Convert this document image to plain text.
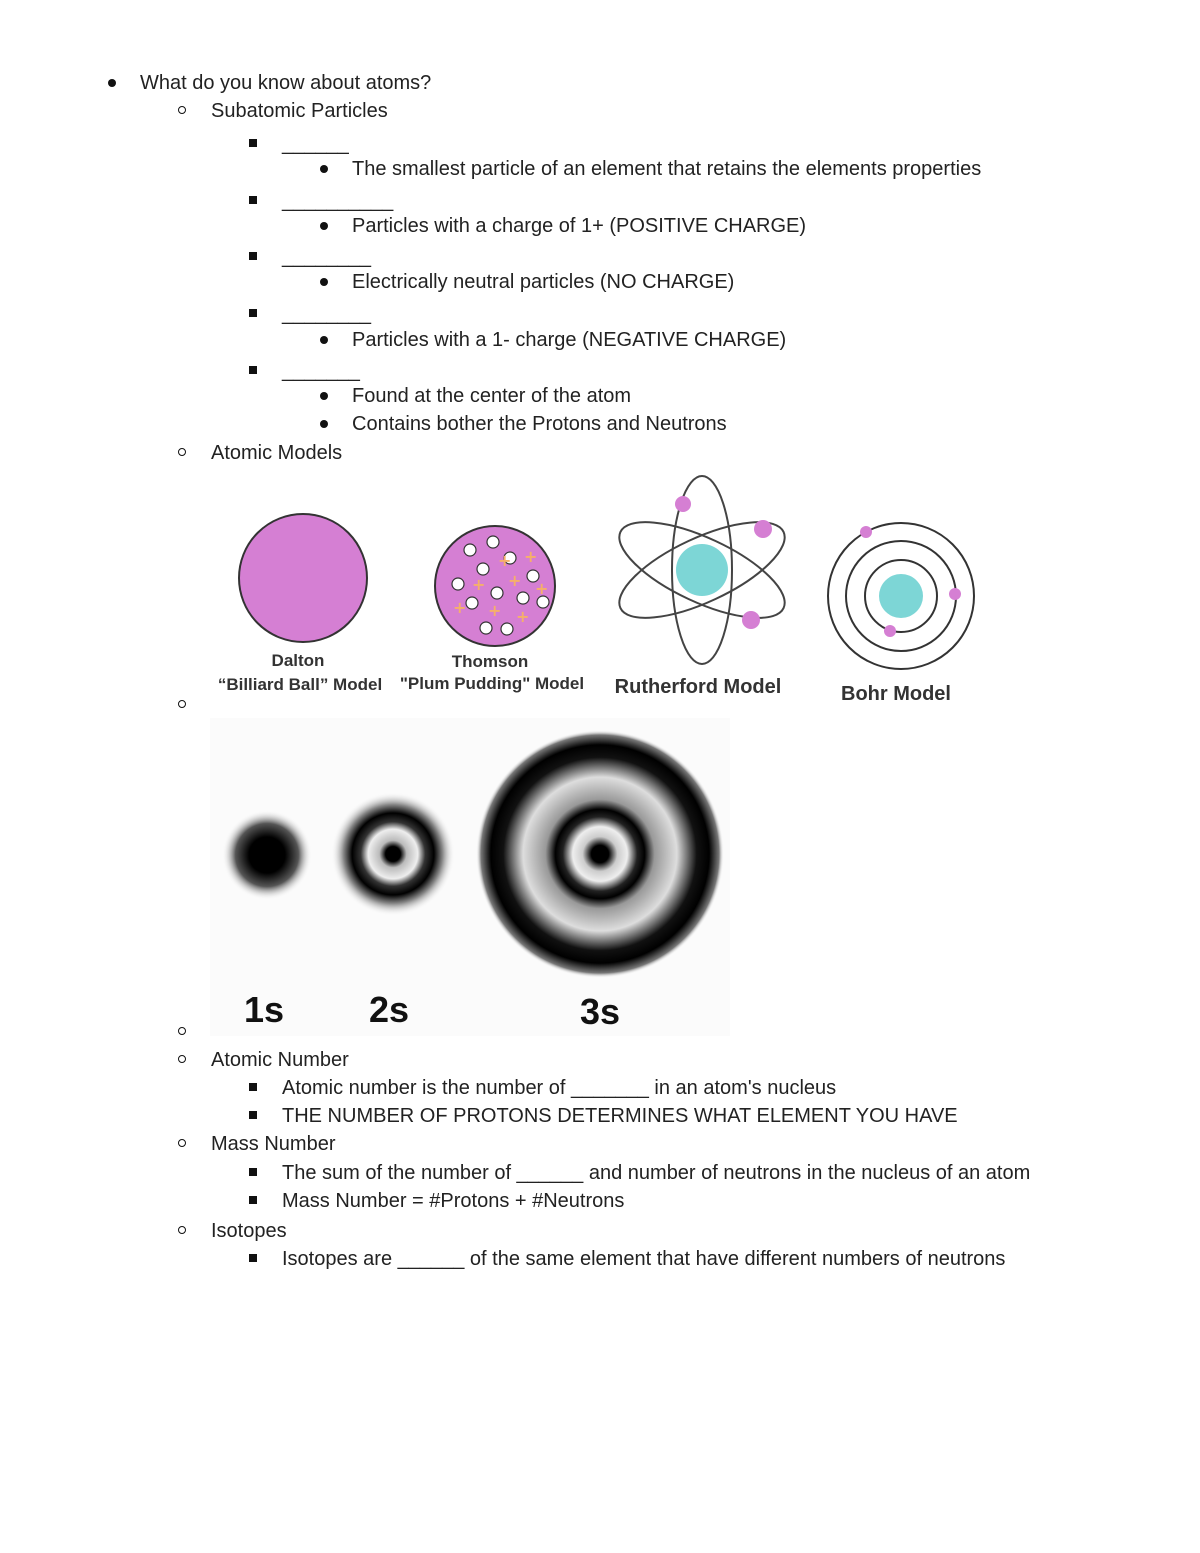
What do you know about atoms?
Subatomic Particles
______
The smallest particle of an element that retains the elements properties
__________
Particles with a charge of 1+ (POSITIVE CHARGE)
________
Electrically neutral particles (NO CHARGE)
________
Particles with a 1- charge (NEGATIVE CHARGE)
_______
Found at the center of the atom
Contains bother the Protons and Neutrons
Atomic Models
Dalton
“Billiard Ball” Model
+
+ + +
+ + +
+
Thomson
"Plum Pudding" Model Rutherford Model	Bohr Model
1s 2s	3s
Atomic Number
Atomic number is the number of _______ in an atom's nucleus
THE NUMBER OF PROTONS DETERMINES WHAT ELEMENT YOU HAVE
Mass Number
The sum of the number of ______ and number of neutrons in the nucleus of an atom
Mass Number = #Protons + #Neutrons
Isotopes
Isotopes are ______ of the same element that have different numbers of neutrons
